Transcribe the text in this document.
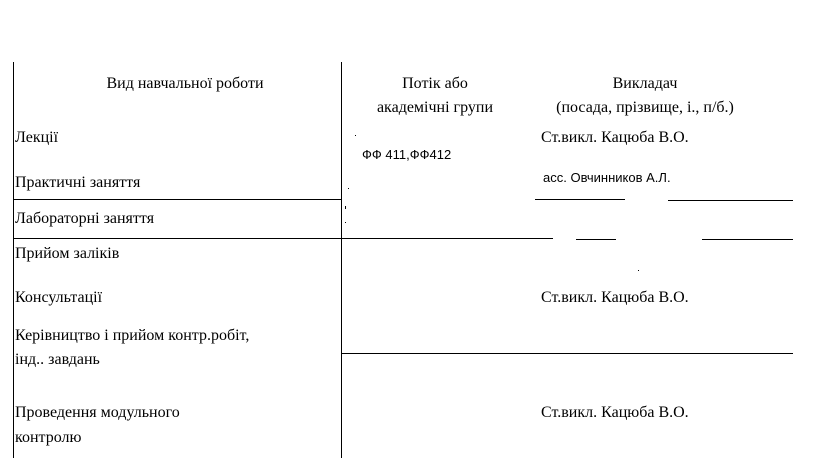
Вид навчальної роботи	Потік або
академічні групи
Викладач
(посада, прізвище, і., п/б.)
Лекції
Практичні заняття
Лабораторні заняття
Прийом заліків
Консультації
Керівництво і прийом контр.робіт,
інд.. завдань
Проведення модульного
контролю
ФФ 411,ФФ412
Ст.викл. Кацюба В.О.
асс. Овчинников А.Л.
Ст.викл. Кацюба В.О.
Ст.викл. Кацюба В.О.
